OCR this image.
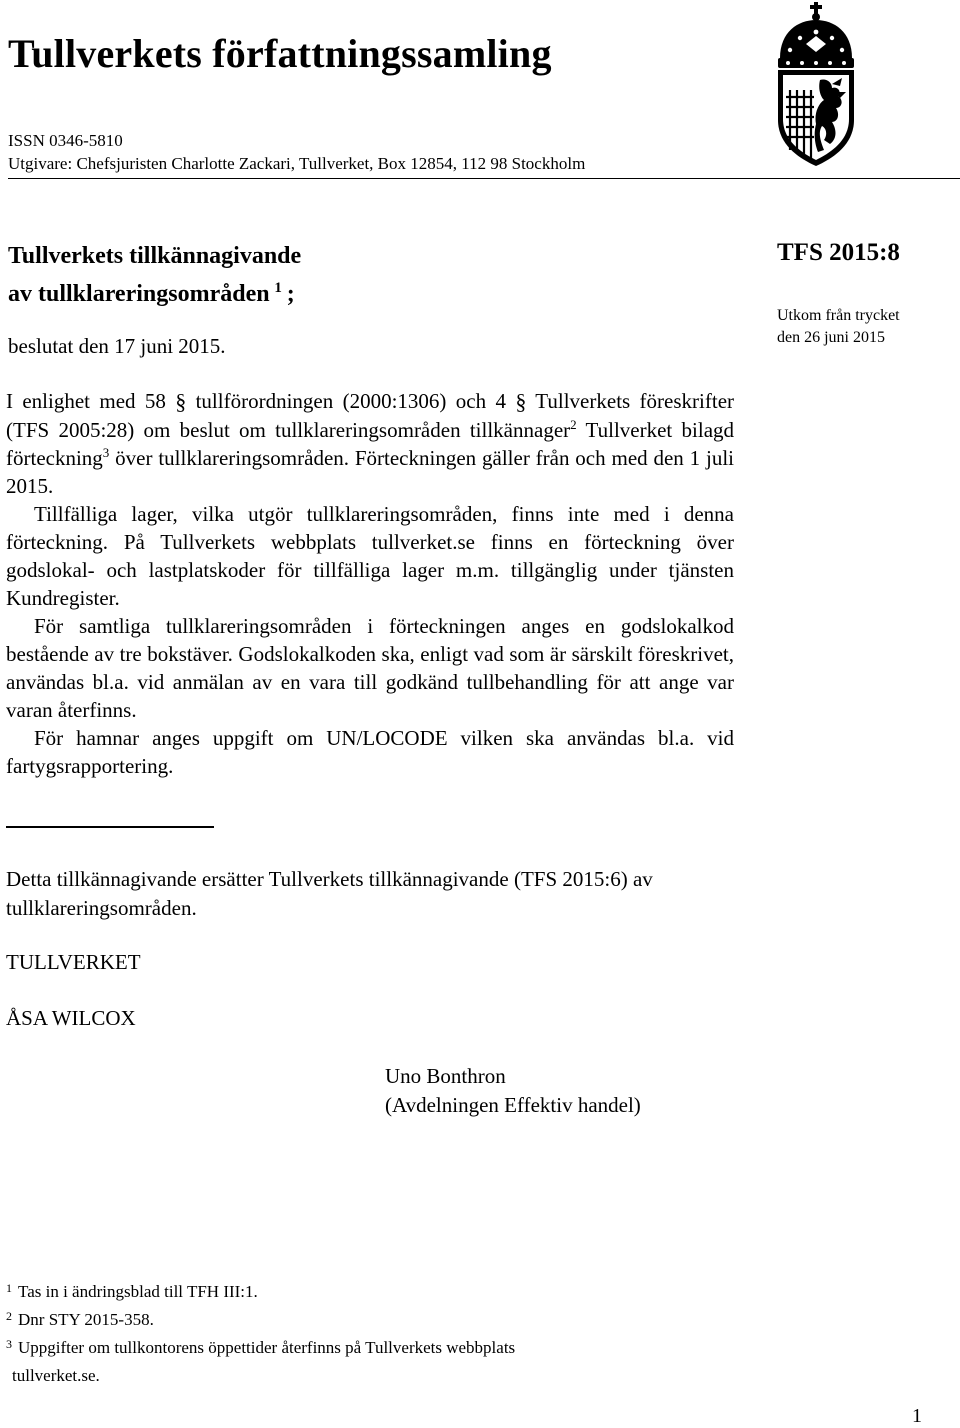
Tullverkets författningssamling
ISSN 0346-5810
Utgivare: Chefsjuristen Charlotte Zackari, Tullverket, Box 12854, 112 98 Stockholm
Tullverkets tillkännagivande
av tullklareringsområden  $^1$  ;
beslutat den 17 juni 2015.
TFS 2015:8
Utkom från trycket
den 26 juni 2015

I enlighet med 58 § tullförordningen (2000:1306) och 4 § Tullverkets föreskrifter (TFS 2005:28) om beslut om tullklareringsområden tillkännager$^2$ Tullverket bilagd förteckning$^3$ över tullklareringsområden. Förteckningen gäller från och med den 1 juli 2015.

Tillfälliga lager, vilka utgör tullklareringsområden, finns inte med i denna förteckning. På Tullverkets webbplats tullverket.se finns en förteckning över godslokal- och lastplatskoder för tillfälliga lager m.m. tillgänglig under tjänsten Kundregister.

För samtliga tullklareringsområden i förteckningen anges en godslokalkod bestående av tre bokstäver. Godslokalkoden ska, enligt vad som är särskilt föreskrivet, användas bl.a. vid anmälan av en vara till godkänd tullbehandling för att ange var varan återfinns.

För hamnar anges uppgift om UN/LOCODE vilken ska användas bl.a. vid fartygsrapportering.

Detta tillkännagivande ersätter Tullverkets tillkännagivande (TFS 2015:6) av tullklareringsområden.
TULLVERKET
ÅSA WILCOX
Uno Bonthron
(Avdelningen Effektiv handel)
$^1$ Tas in i ändringsblad till TFH III:1.
$^2$ Dnr STY 2015-358.
$^3$ Uppgifter om tullkontorens öppettider återfinns på Tullverkets webbplats
tullverket.se.
1
